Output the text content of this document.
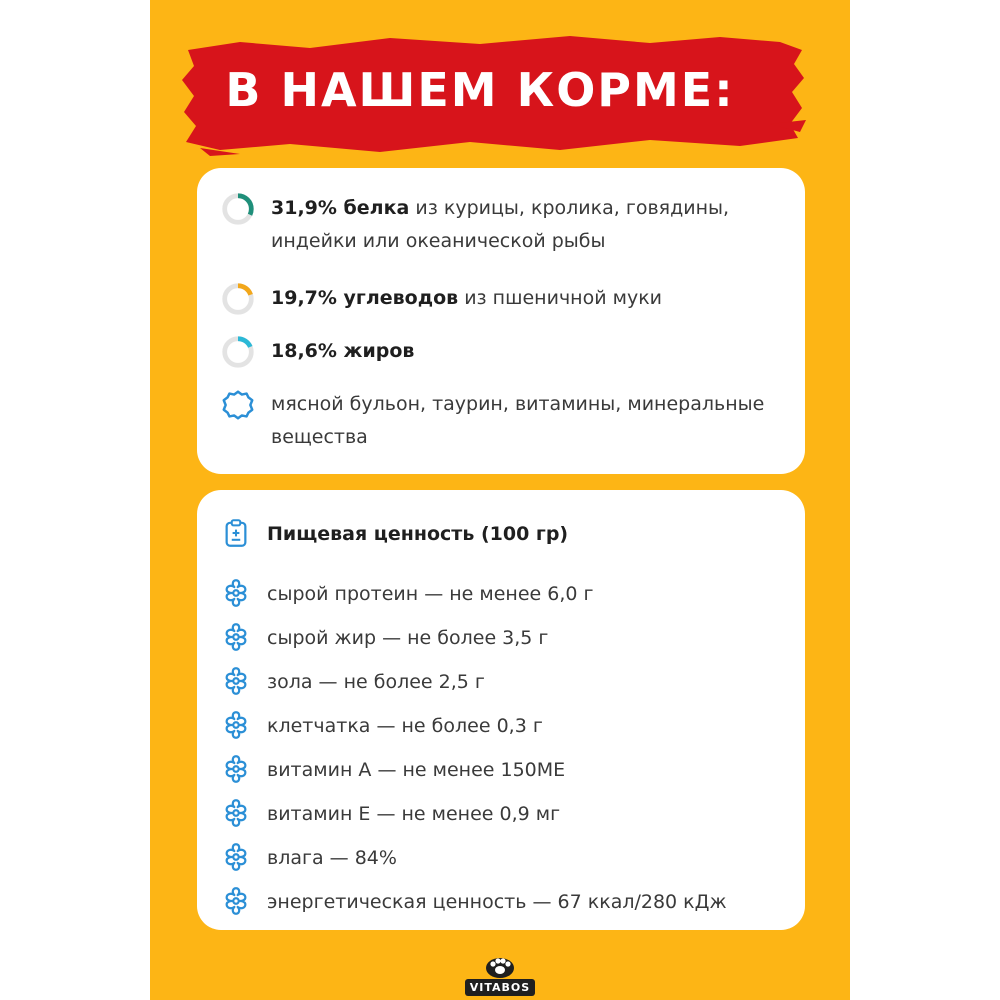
В НАШЕМ КОРМЕ:
31,9% белка из курицы, кролика, говядины, индейки или океанической рыбы
19,7% углеводов из пшеничной муки
18,6% жиров
мясной бульон, таурин, витамины, минеральные вещества
Пищевая ценность (100 гр)
сырой протеин — не менее 6,0 г
сырой жир — не более 3,5 г
зола — не более 2,5 г
клетчатка — не более 0,3 г
витамин А — не менее 150МЕ
витамин Е — не менее 0,9 мг
влага — 84%
энергетическая ценность — 67 ккал/280 кДж
VITABOS
